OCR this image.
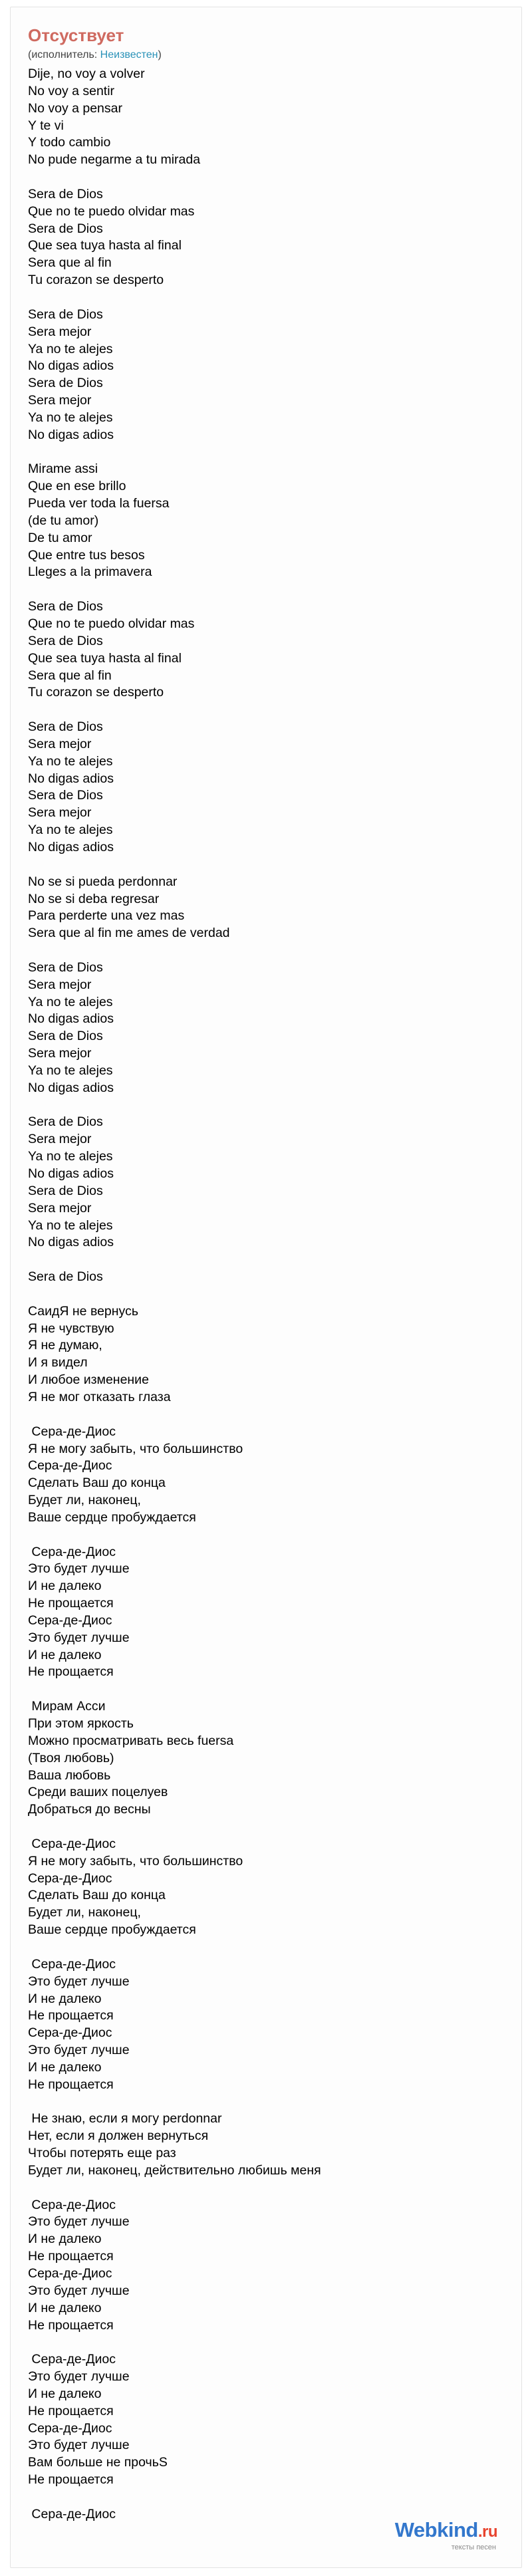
Отсуствует
(исполнитель: Неизвестен)
Dije, no voy a volver
No voy a sentir
No voy a pensar
Y te vi
Y todo cambio
No pude negarme a tu mirada
Sera de Dios
Que no te puedo olvidar mas
Sera de Dios
Que sea tuya hasta al final
Sera que al fin
Tu corazon se desperto
Sera de Dios
Sera mejor
Ya no te alejes
No digas adios
Sera de Dios
Sera mejor
Ya no te alejes
No digas adios
Mirame assi
Que en ese brillo
Pueda ver toda la fuersa
(de tu amor)
De tu amor
Que entre tus besos
Lleges a la primavera
Sera de Dios
Que no te puedo olvidar mas
Sera de Dios
Que sea tuya hasta al final
Sera que al fin
Tu corazon se desperto
Sera de Dios
Sera mejor
Ya no te alejes
No digas adios
Sera de Dios
Sera mejor
Ya no te alejes
No digas adios
No se si pueda perdonnar
No se si deba regresar
Para perderte una vez mas
Sera que al fin me ames de verdad
Sera de Dios
Sera mejor
Ya no te alejes
No digas adios
Sera de Dios
Sera mejor
Ya no te alejes
No digas adios
Sera de Dios
Sera mejor
Ya no te alejes
No digas adios
Sera de Dios
Sera mejor
Ya no te alejes
No digas adios
Sera de Dios
СаидЯ не вернусь
Я не чувствую
Я не думаю,
И я видел
И любое изменение
Я не мог отказать глаза
Сера-де-Диос
Я не могу забыть, что большинство
Сера-де-Диос
Сделать Ваш до конца
Будет ли, наконец,
Ваше сердце пробуждается
Сера-де-Диос
Это будет лучше
И не далеко
Не прощается
Сера-де-Диос
Это будет лучше
И не далеко
Не прощается
Мирам Асси
При этом яркость
Можно просматривать весь fuersa
(Твоя любовь)
Ваша любовь
Среди ваших поцелуев
Добраться до весны
Сера-де-Диос
Я не могу забыть, что большинство
Сера-де-Диос
Сделать Ваш до конца
Будет ли, наконец,
Ваше сердце пробуждается
Сера-де-Диос
Это будет лучше
И не далеко
Не прощается
Сера-де-Диос
Это будет лучше
И не далеко
Не прощается
Не знаю, если я могу perdonnar
Нет, если я должен вернуться
Чтобы потерять еще раз
Будет ли, наконец, действительно любишь меня
Сера-де-Диос
Это будет лучше
И не далеко
Не прощается
Сера-де-Диос
Это будет лучше
И не далеко
Не прощается
Сера-де-Диос
Это будет лучше
И не далеко
Не прощается
Сера-де-Диос
Это будет лучше
Вам больше не прочьS
Не прощается
Сера-де-Диос
Webkind.ru
тексты песен
